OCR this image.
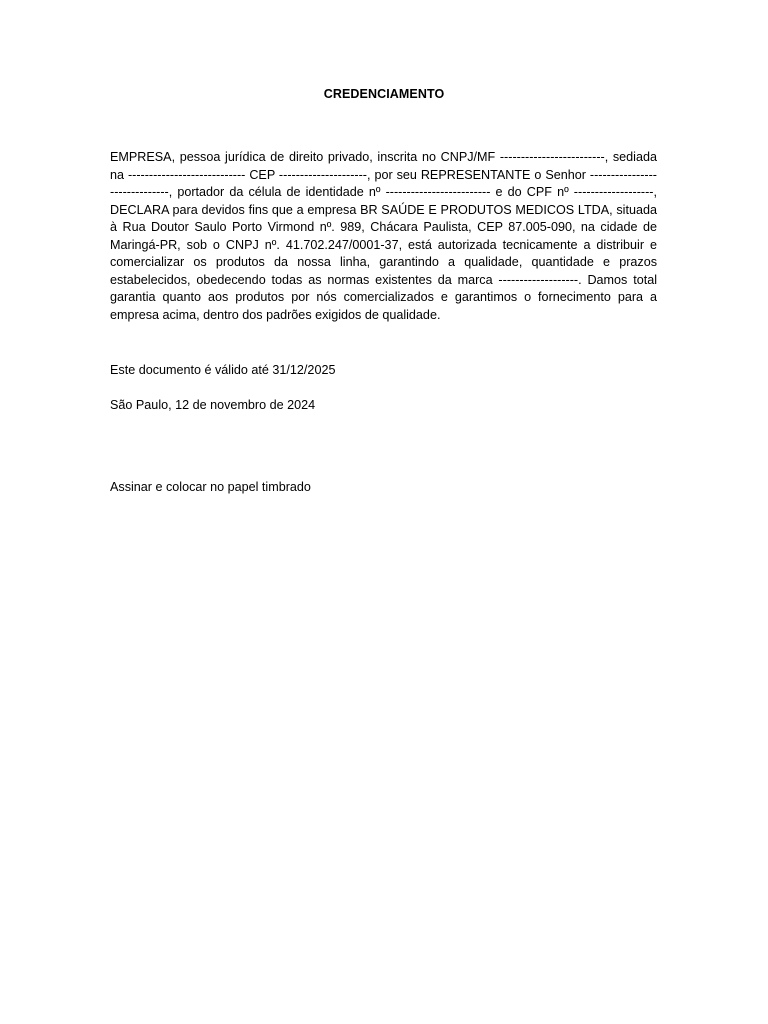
CREDENCIAMENTO

EMPRESA, pessoa jurídica de direito privado, inscrita no CNPJ/MF -------------------------, sediada na ---------------------------- CEP ---------------------, por seu REPRESENTANTE o Senhor ------------------------------, portador da célula de identidade nº ------------------------- e do CPF nº -------------------, DECLARA para devidos fins que a empresa BR SAÚDE E PRODUTOS MEDICOS LTDA, situada à Rua Doutor Saulo Porto Virmond nº. 989, Chácara Paulista, CEP 87.005-090, na cidade de Maringá-PR, sob o CNPJ nº. 41.702.247/0001-37, está autorizada tecnicamente a distribuir e comercializar os produtos da nossa linha, garantindo a qualidade, quantidade e prazos estabelecidos, obedecendo todas as normas existentes da marca -------------------. Damos total garantia quanto aos produtos por nós comercializados e garantimos o fornecimento para a empresa acima, dentro dos padrões exigidos de qualidade.

Este documento é válido até 31/12/2025

São Paulo, 12 de novembro de 2024

Assinar e colocar no papel timbrado
